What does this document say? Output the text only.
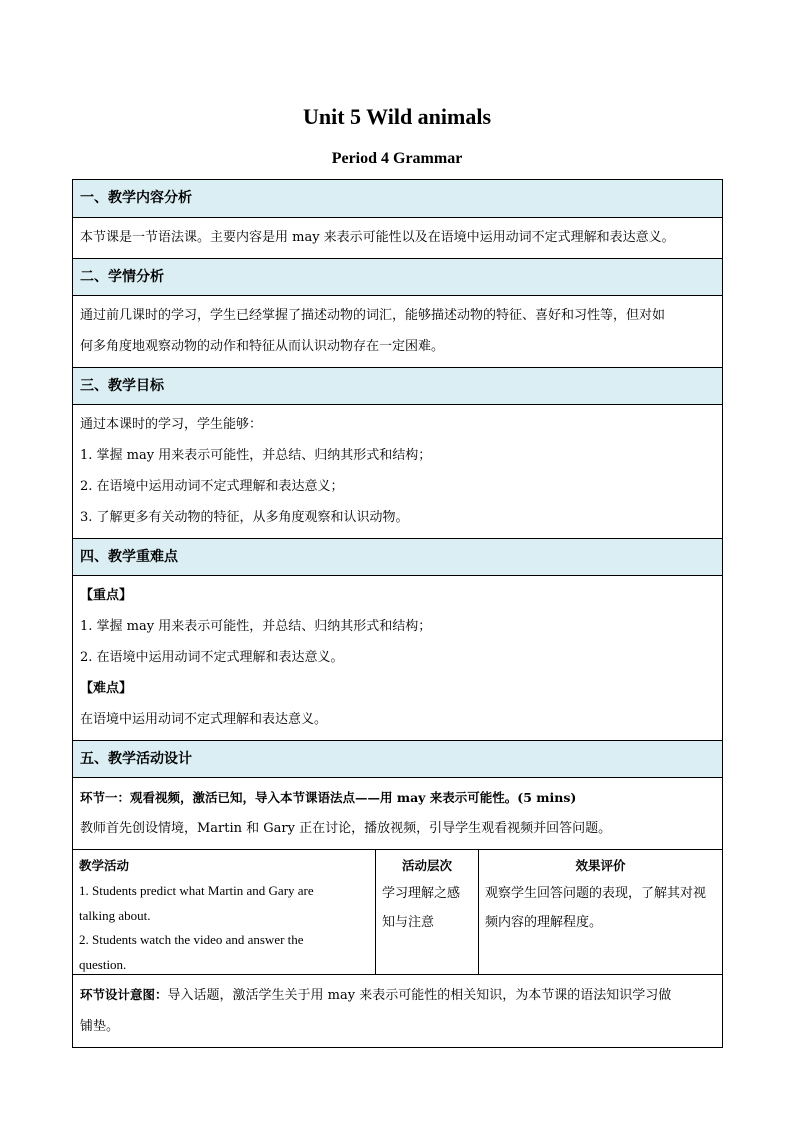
Unit 5 Wild animals
Period 4 Grammar
一、教学内容分析
本节课是一节语法课。主要内容是用 may 来表示可能性以及在语境中运用动词不定式理解和表达意义。
二、学情分析
通过前几课时的学习，学生已经掌握了描述动物的词汇，能够描述动物的特征、喜好和习性等，但对如
何多角度地观察动物的动作和特征从而认识动物存在一定困难。
三、教学目标
通过本课时的学习，学生能够：
1. 掌握 may 用来表示可能性，并总结、归纳其形式和结构；
2. 在语境中运用动词不定式理解和表达意义；
3. 了解更多有关动物的特征，从多角度观察和认识动物。
四、教学重难点
【重点】
1. 掌握 may 用来表示可能性，并总结、归纳其形式和结构；
2. 在语境中运用动词不定式理解和表达意义。
【难点】
在语境中运用动词不定式理解和表达意义。
五、教学活动设计
环节一：观看视频，激活已知，导入本节课语法点——用 may 来表示可能性。(5 mins)
教师首先创设情境，Martin 和 Gary 正在讨论，播放视频，引导学生观看视频并回答问题。
教学活动
1. Students predict what Martin and Gary are
talking about.
2. Students watch the video and answer the
question.
活动层次
学习理解之感
知与注意
效果评价
观察学生回答问题的表现，了解其对视
频内容的理解程度。
环节设计意图：导入话题，激活学生关于用 may 来表示可能性的相关知识，为本节课的语法知识学习做
铺垫。
